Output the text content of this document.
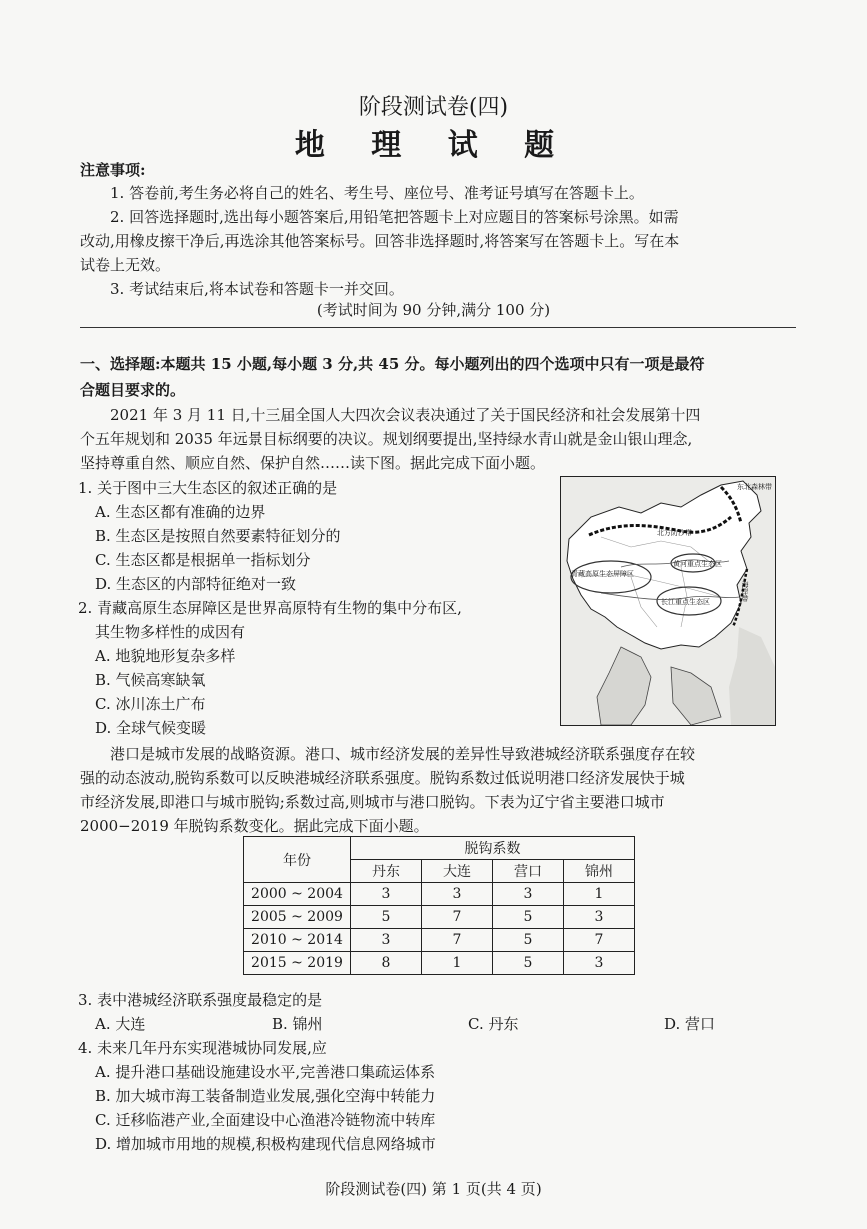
阶段测试卷(四)
地 理 试 题
注意事项:
1. 答卷前,考生务必将自己的姓名、考生号、座位号、准考证号填写在答题卡上。
2. 回答选择题时,选出每小题答案后,用铅笔把答题卡上对应题目的答案标号涂黑。如需
改动,用橡皮擦干净后,再选涂其他答案标号。回答非选择题时,将答案写在答题卡上。写在本
试卷上无效。
3. 考试结束后,将本试卷和答题卡一并交回。
(考试时间为 90 分钟,满分 100 分)
一、选择题:本题共 15 小题,每小题 3 分,共 45 分。每小题列出的四个选项中只有一项是最符
合题目要求的。
2021 年 3 月 11 日,十三届全国人大四次会议表决通过了关于国民经济和社会发展第十四
个五年规划和 2035 年远景目标纲要的决议。规划纲要提出,坚持绿水青山就是金山银山理念,
坚持尊重自然、顺应自然、保护自然……读下图。据此完成下面小题。
1. 关于图中三大生态区的叙述正确的是
A. 生态区都有准确的边界
B. 生态区是按照自然要素特征划分的
C. 生态区都是根据单一指标划分
D. 生态区的内部特征绝对一致
2. 青藏高原生态屏障区是世界高原特有生物的集中分布区,
其生物多样性的成因有
A. 地貌地形复杂多样
B. 气候高寒缺氧
C. 冰川冻土广布
D. 全球气候变暖
北方防沙带
东北森林带
青藏高原生态屏障区
黄河重点生态区
长江重点生态区	海岸带
港口是城市发展的战略资源。港口、城市经济发展的差异性导致港城经济联系强度存在较
强的动态波动,脱钩系数可以反映港城经济联系强度。脱钩系数过低说明港口经济发展快于城
市经济发展,即港口与城市脱钩;系数过高,则城市与港口脱钩。下表为辽宁省主要港口城市
2000−2019 年脱钩系数变化。据此完成下面小题。
年份	脱钩系数			
	丹东	大连	营口	锦州
2000 ~ 2004	3	3	3	1
2005 ~ 2009	5	7	5	3
2010 ~ 2014	3	7	5	7
2015 ~ 2019	8	1	5	3
3. 表中港城经济联系强度最稳定的是
A. 大连	B. 锦州	C. 丹东	D. 营口
4. 未来几年丹东实现港城协同发展,应
A. 提升港口基础设施建设水平,完善港口集疏运体系
B. 加大城市海工装备制造业发展,强化空海中转能力
C. 迁移临港产业,全面建设中心渔港冷链物流中转库
D. 增加城市用地的规模,积极构建现代信息网络城市
阶段测试卷(四) 第 1 页(共 4 页)
